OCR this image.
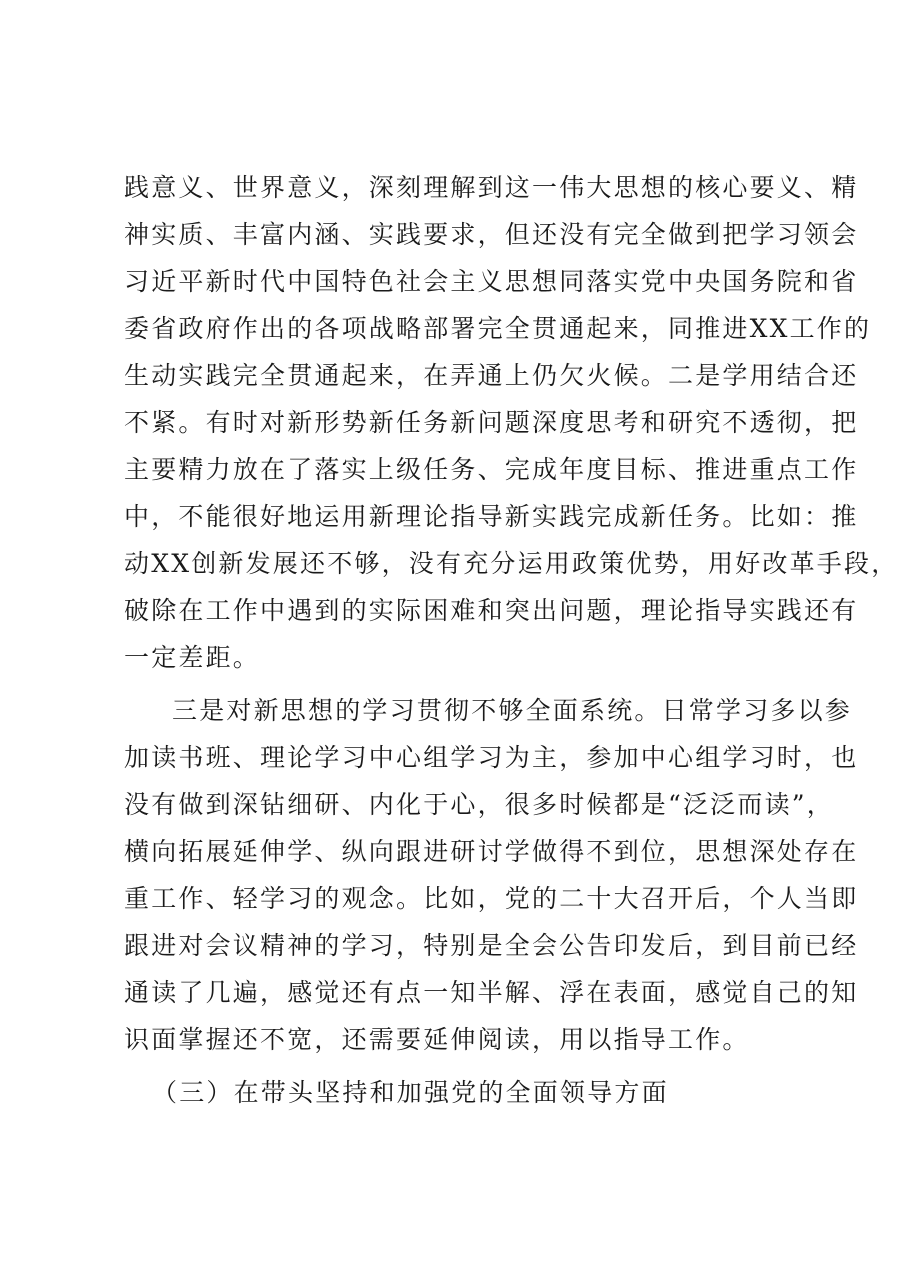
践意义、世界意义，深刻理解到这一伟大思想的核心要义、精
神实质、丰富内涵、实践要求，但还没有完全做到把学习领会
习近平新时代中国特色社会主义思想同落实党中央国务院和省
委省政府作出的各项战略部署完全贯通起来，同推进XX工作的
生动实践完全贯通起来，在弄通上仍欠火候。二是学用结合还
不紧。有时对新形势新任务新问题深度思考和研究不透彻，把
主要精力放在了落实上级任务、完成年度目标、推进重点工作
中，不能很好地运用新理论指导新实践完成新任务。比如：推
动XX创新发展还不够，没有充分运用政策优势，用好改革手段，
破除在工作中遇到的实际困难和突出问题，理论指导实践还有
一定差距。
三是对新思想的学习贯彻不够全面系统。日常学习多以参
加读书班、理论学习中心组学习为主，参加中心组学习时，也
没有做到深钻细研、内化于心，很多时候都是“泛泛而读”，
横向拓展延伸学、纵向跟进研讨学做得不到位，思想深处存在
重工作、轻学习的观念。比如，党的二十大召开后，个人当即
跟进对会议精神的学习，特别是全会公告印发后，到目前已经
通读了几遍，感觉还有点一知半解、浮在表面，感觉自己的知
识面掌握还不宽，还需要延伸阅读，用以指导工作。
（三）在带头坚持和加强党的全面领导方面
